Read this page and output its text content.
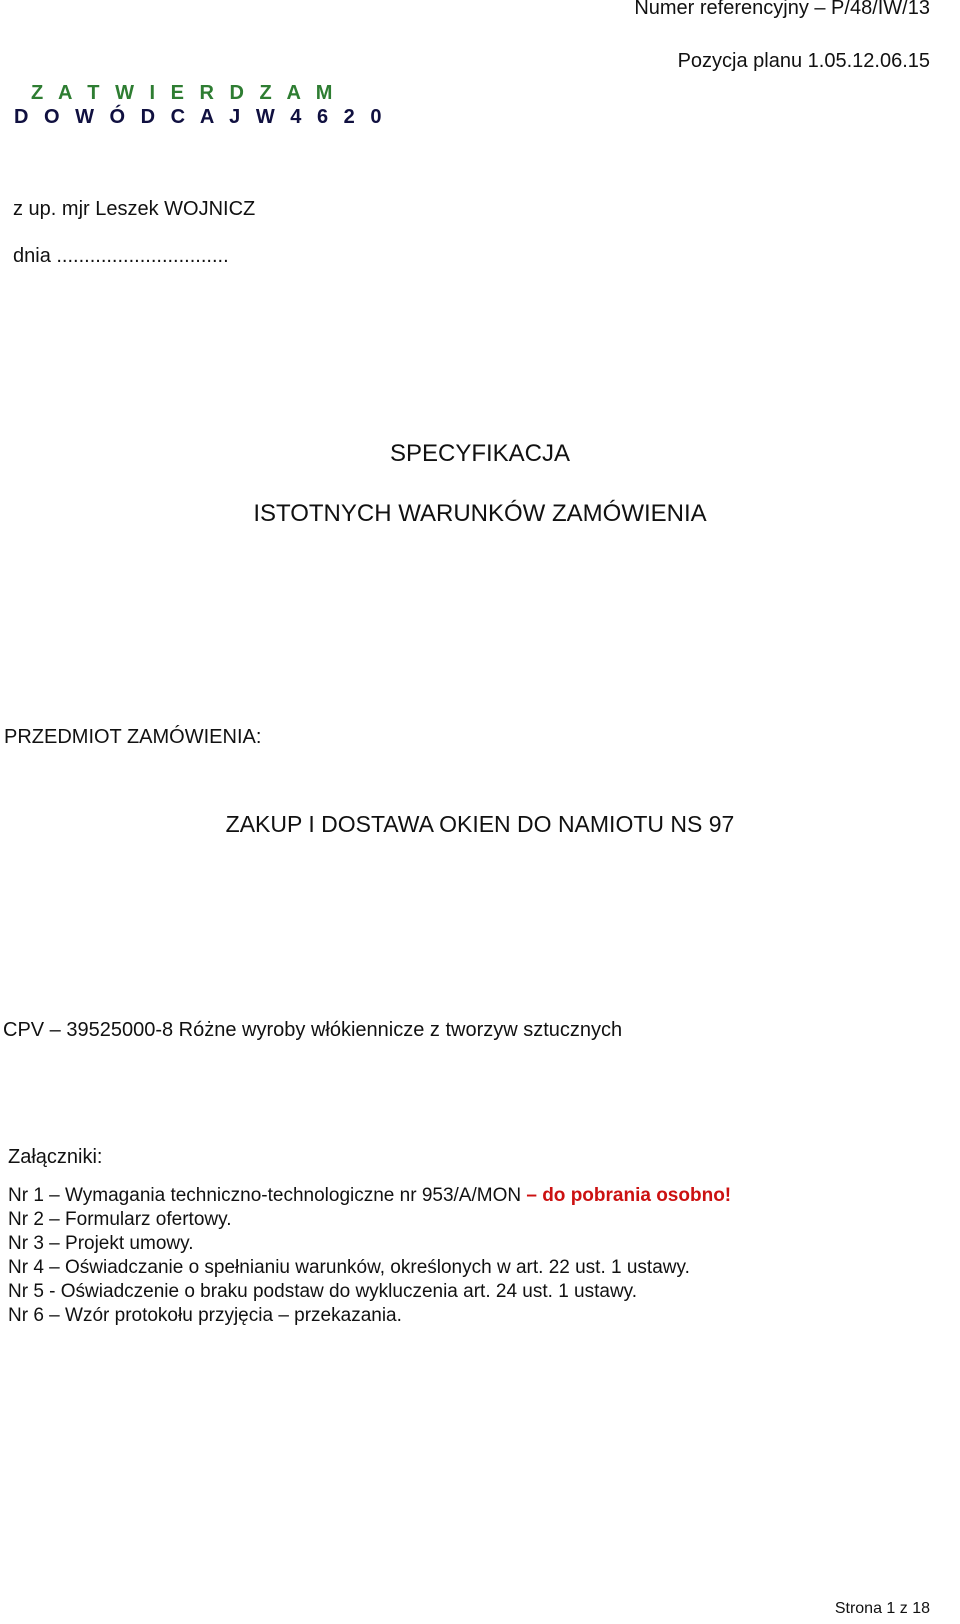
Numer referencyjny – P/48/IW/13
Pozycja planu 1.05.12.06.15
Z A T W I E R D Z A M
D O W Ó D C A J W 4 6 2 0
z up. mjr Leszek WOJNICZ
dnia ...............................
SPECYFIKACJA
ISTOTNYCH WARUNKÓW ZAMÓWIENIA
PRZEDMIOT ZAMÓWIENIA:
ZAKUP I DOSTAWA OKIEN DO NAMIOTU NS 97
CPV – 39525000-8 Różne wyroby włókiennicze z tworzyw sztucznych
Załączniki:
Nr 1 – Wymagania techniczno-technologiczne nr 953/A/MON – do pobrania osobno!
Nr 2 – Formularz ofertowy.
Nr 3 – Projekt umowy.
Nr 4 – Oświadczanie o spełnianiu warunków, określonych w art. 22 ust. 1 ustawy.
Nr 5 - Oświadczenie o braku podstaw do wykluczenia art. 24 ust. 1 ustawy.
Nr 6 – Wzór protokołu przyjęcia – przekazania.
Strona 1 z 18
